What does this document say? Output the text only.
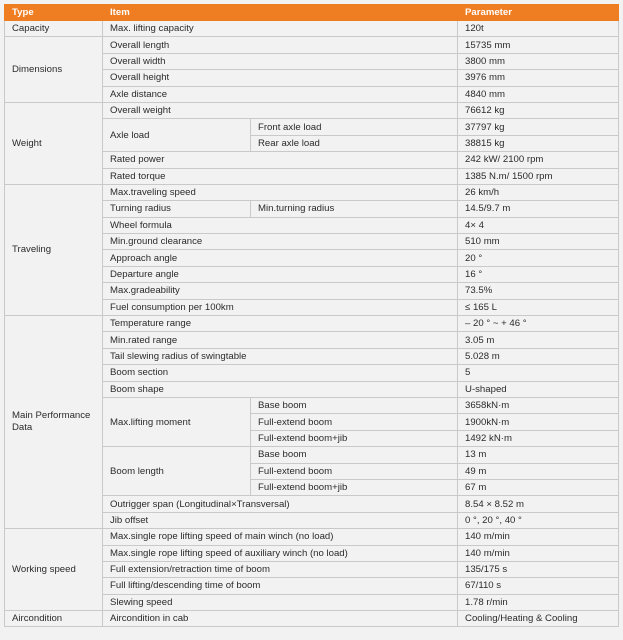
Type	Item		Parameter
Capacity	Max. lifting capacity		120t
Dimensions	Overall length		15735 mm
	Overall width		3800 mm
	Overall height		3976 mm
	Axle distance		4840 mm
Weight	Overall weight		76612 kg
	Axle load	Front axle load	37797 kg
		Rear axle load	38815 kg
	Rated power		242 kW/ 2100 rpm
	Rated torque		1385 N.m/ 1500 rpm
Traveling	Max.traveling speed		26 km/h
	Turning radius	Min.turning radius	14.5/9.7 m
	Wheel formula		4× 4
	Min.ground clearance		510 mm
	Approach angle		20 °
	Departure angle		16 °
	Max.gradeability		73.5%
	Fuel consumption per 100km		≤ 165 L
Main Performance Data	Temperature range		– 20 ° ~ + 46 °
	Min.rated range		3.05 m
	Tail slewing radius of swingtable		5.028 m
	Boom section		5
	Boom shape		U-shaped
	Max.lifting moment	Base boom	3658kN·m
		Full-extend boom	1900kN·m
		Full-extend boom+jib	1492 kN·m
	Boom length	Base boom	13 m
		Full-extend boom	49 m
		Full-extend boom+jib	67 m
	Outrigger span (Longitudinal×Transversal)		8.54 × 8.52 m
	Jib offset		0 °, 20 °, 40 °
Working speed	Max.single rope lifting speed of main winch (no load)		140 m/min
	Max.single rope lifting speed of auxiliary winch (no load)		140 m/min
	Full extension/retraction time of boom		135/175 s
	Full lifting/descending time of boom		67/110 s
	Slewing speed		1.78 r/min
Aircondition	Aircondition in cab		Cooling/Heating & Cooling
